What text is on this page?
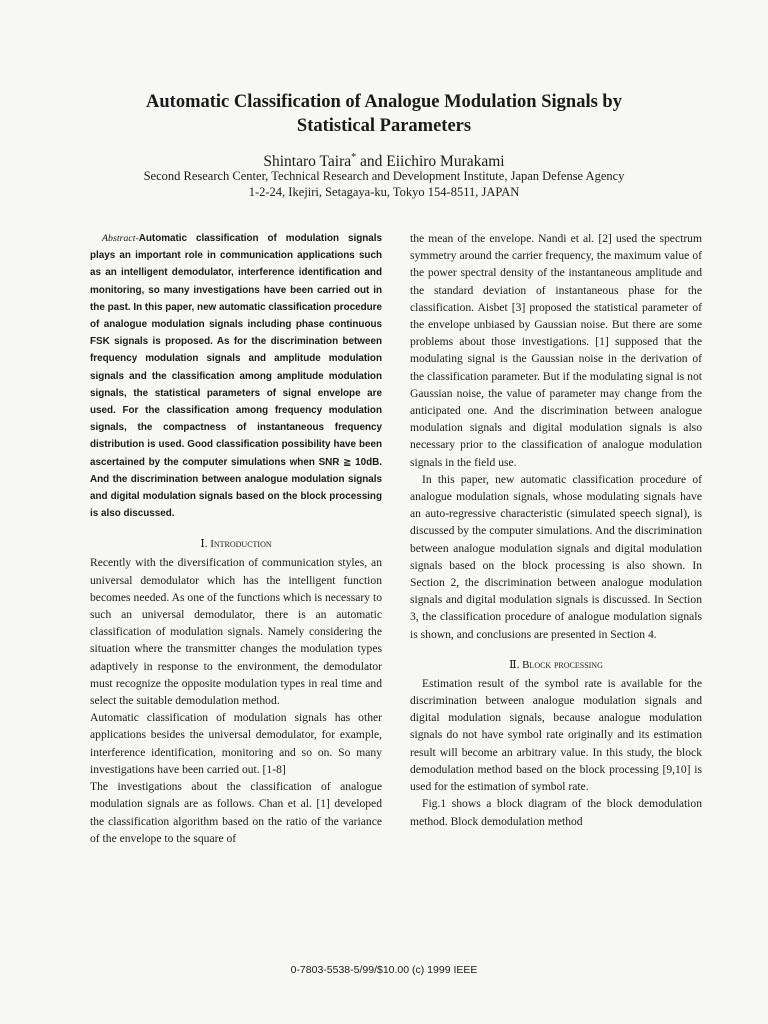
Automatic Classification of Analogue Modulation Signals by
Statistical Parameters
Shintaro Taira* and Eiichiro Murakami
Second Research Center, Technical Research and Development Institute, Japan Defense Agency
1-2-24, Ikejiri, Setagaya-ku, Tokyo 154-8511, JAPAN

Abstract-Automatic classification of modulation signals plays an important role in communication applications such as an intelligent demodulator, interference identification and monitoring, so many investigations have been carried out in the past. In this paper, new automatic classification procedure of analogue modulation signals including phase continuous FSK signals is proposed. As for the discrimination between frequency modulation signals and amplitude modulation signals and the classification among amplitude modulation signals, the statistical parameters of signal envelope are used. For the classification among frequency modulation signals, the compactness of instantaneous frequency distribution is used. Good classification possibility have been ascertained by the computer simulations when SNR ≧ 10dB. And the discrimination between analogue modulation signals and digital modulation signals based on the block processing is also discussed.

Ⅰ. Introduction

Recently with the diversification of communication styles, an universal demodulator which has the intelligent function becomes needed. As one of the functions which is necessary to such an universal demodulator, there is an automatic classification of modulation signals. Namely considering the situation where the transmitter changes the modulation types adaptively in response to the environment, the demodulator must recognize the opposite modulation types in real time and select the suitable demodulation method.

Automatic classification of modulation signals has other applications besides the universal demodulator, for example, interference identification, monitoring and so on. So many investigations have been carried out. [1-8]

The investigations about the classification of analogue modulation signals are as follows. Chan et al. [1] developed the classification algorithm based on the ratio of the variance of the envelope to the square of

the mean of the envelope. Nandi et al. [2] used the spectrum symmetry around the carrier frequency, the maximum value of the power spectral density of the instantaneous amplitude and the standard deviation of instantaneous phase for the classification. Aisbet [3] proposed the statistical parameter of the envelope unbiased by Gaussian noise. But there are some problems about those investigations. [1] supposed that the modulating signal is the Gaussian noise in the derivation of the classification parameter. But if the modulating signal is not Gaussian noise, the value of parameter may change from the anticipated one. And the discrimination between analogue modulation signals and digital modulation signals is also necessary prior to the classification of analogue modulation signals in the field use.

In this paper, new automatic classification procedure of analogue modulation signals, whose modulating signals have an auto-regressive characteristic (simulated speech signal), is discussed by the computer simulations. And the discrimination between analogue modulation signals and digital modulation signals based on the block processing is also shown. In Section 2, the discrimination between analogue modulation signals and digital modulation signals is discussed. In Section 3, the classification procedure of analogue modulation signals is shown, and conclusions are presented in Section 4.

Ⅱ. Block processing

Estimation result of the symbol rate is available for the discrimination between analogue modulation signals and digital modulation signals, because analogue modulation signals do not have symbol rate originally and its estimation result will become an arbitrary value. In this study, the block demodulation method based on the block processing [9,10] is used for the estimation of symbol rate.

Fig.1 shows a block diagram of the block demodulation method. Block demodulation method

0-7803-5538-5/99/$10.00 (c) 1999 IEEE
